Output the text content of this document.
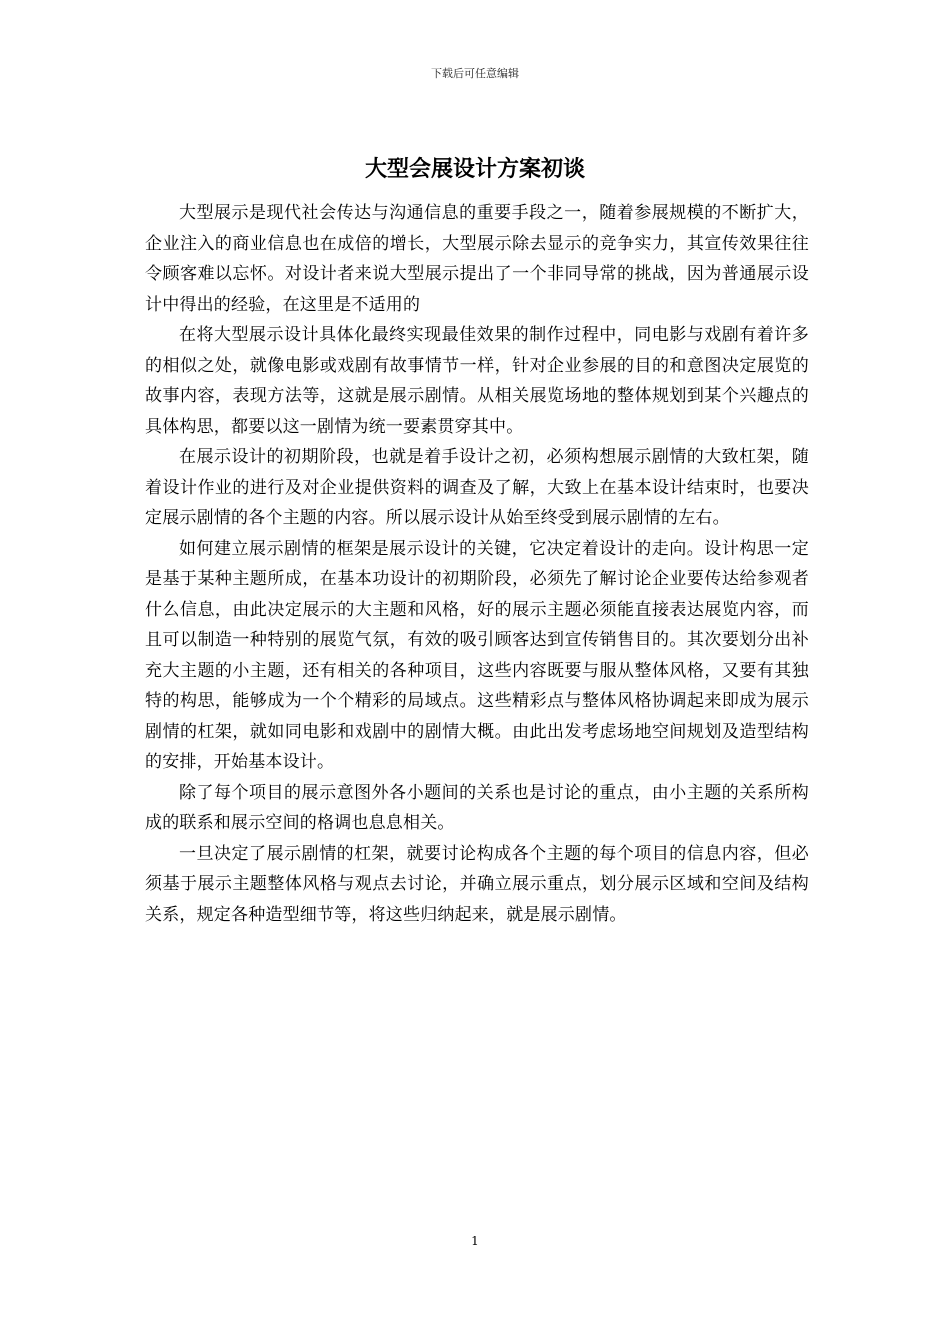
下载后可任意编辑
大型会展设计方案初谈

大型展示是现代社会传达与沟通信息的重要手段之一，随着参展规模的不断扩大，企业注入的商业信息也在成倍的增长，大型展示除去显示的竞争实力，其宣传效果往往令顾客难以忘怀。对设计者来说大型展示提出了一个非同导常的挑战，因为普通展示设计中得出的经验，在这里是不适用的

在将大型展示设计具体化最终实现最佳效果的制作过程中，同电影与戏剧有着许多的相似之处，就像电影或戏剧有故事情节一样，针对企业参展的目的和意图决定展览的故事内容，表现方法等，这就是展示剧情。从相关展览场地的整体规划到某个兴趣点的具体构思，都要以这一剧情为统一要素贯穿其中。

在展示设计的初期阶段，也就是着手设计之初，必须构想展示剧情的大致杠架，随着设计作业的进行及对企业提供资料的调查及了解，大致上在基本设计结束时，也要决定展示剧情的各个主题的内容。所以展示设计从始至终受到展示剧情的左右。

如何建立展示剧情的框架是展示设计的关键，它决定着设计的走向。设计构思一定是基于某种主题所成，在基本功设计的初期阶段，必须先了解讨论企业要传达给参观者什么信息，由此决定展示的大主题和风格，好的展示主题必须能直接表达展览内容，而且可以制造一种特别的展览气氛，有效的吸引顾客达到宣传销售目的。其次要划分出补充大主题的小主题，还有相关的各种项目，这些内容既要与服从整体风格，又要有其独特的构思，能够成为一个个精彩的局域点。这些精彩点与整体风格协调起来即成为展示剧情的杠架，就如同电影和戏剧中的剧情大概。由此出发考虑场地空间规划及造型结构的安排，开始基本设计。

除了每个项目的展示意图外各小题间的关系也是讨论的重点，由小主题的关系所构成的联系和展示空间的格调也息息相关。

一旦决定了展示剧情的杠架，就要讨论构成各个主题的每个项目的信息内容，但必须基于展示主题整体风格与观点去讨论，并确立展示重点，划分展示区域和空间及结构关系，规定各种造型细节等，将这些归纳起来，就是展示剧情。

1
